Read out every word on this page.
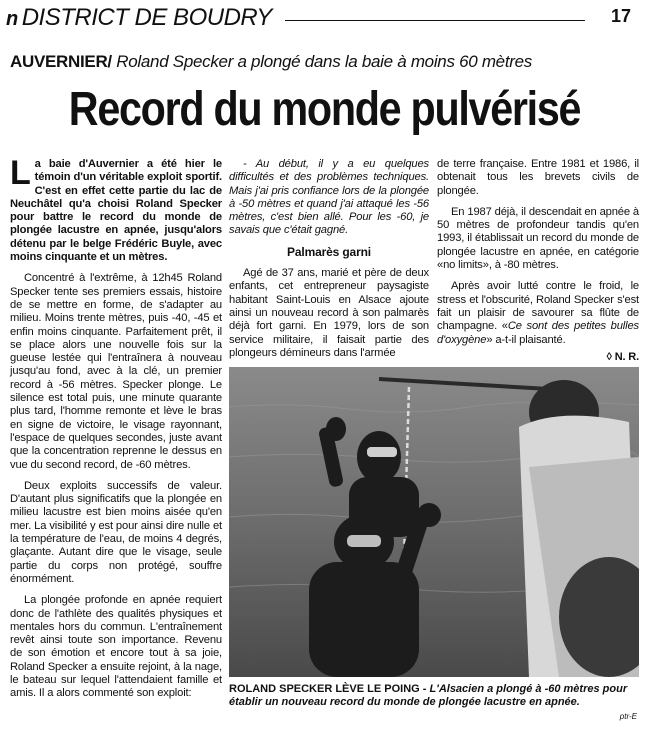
n DISTRICT DE BOUDRY	17
AUVERNIER/ Roland Specker a plongé dans la baie à moins 60 mètres
Record du monde pulvérisé

La baie d'Auvernier a été hier le témoin d'un véritable exploit sportif. C'est en effet cette partie du lac de Neuchâtel qu'a choisi Roland Specker pour battre le record du monde de plongée lacustre en apnée, jusqu'alors détenu par le belge Frédéric Buyle, avec moins cinquante et un mètres.

Concentré à l'extrême, à 12h45 Roland Specker tente ses premiers essais, histoire de se mettre en forme, de s'adapter au milieu. Moins trente mètres, puis -40, -45 et enfin moins cinquante. Parfaitement prêt, il se place alors une nouvelle fois sur la gueuse lestée qui l'entraînera à nouveau jusqu'au fond, avec à la clé, un premier record à -56 mètres. Specker plonge. Le silence est total puis, une minute quarante plus tard, l'homme remonte et lève le bras en signe de victoire, le visage rayonnant, l'espace de quelques secondes, juste avant que la concentration reprenne le dessus en vue du second record, de -60 mètres.

Deux exploits successifs de valeur. D'autant plus significatifs que la plongée en milieu lacustre est bien moins aisée qu'en mer. La visibilité y est pour ainsi dire nulle et la température de l'eau, de moins 4 degrés, glaçante. Autant dire que le visage, seule partie du corps non protégé, souffre énormément.

La plongée profonde en apnée requiert donc de l'athlète des qualités physiques et mentales hors du commun. L'entraînement revêt ainsi toute son importance. Revenu de son émotion et encore tout à sa joie, Roland Specker a ensuite rejoint, à la nage, le bateau sur lequel l'attendaient famille et amis. Il a alors commenté son exploit:

- Au début, il y a eu quelques difficultés et des problèmes techniques. Mais j'ai pris confiance lors de la plongée à -50 mètres et quand j'ai attaqué les -56 mètres, c'est bien allé. Pour les -60, je savais que c'était gagné.

Palmarès garni

Agé de 37 ans, marié et père de deux enfants, cet entrepreneur paysagiste habitant Saint-Louis en Alsace ajoute ainsi un nouveau record à son palmarès déjà fort garni. En 1979, lors de son service militaire, il faisait partie des plongeurs démineurs dans l'armée

de terre française. Entre 1981 et 1986, il obtenait tous les brevets civils de plongée.

En 1987 déjà, il descendait en apnée à 50 mètres de profondeur tandis qu'en 1993, il établissait un record du monde de plongée lacustre en apnée, en catégorie «no limits», à -80 mètres.

Après avoir lutté contre le froid, le stress et l'obscurité, Roland Specker s'est fait un plaisir de savourer sa flûte de champagne. «Ce sont des petites bulles d'oxygène» a-t-il plaisanté.

◊ N. R.
ROLAND SPECKER LÈVE LE POING - L'Alsacien a plongé à -60 mètres pour établir un nouveau record du monde de plongée lacustre en apnée.
ptr-E
